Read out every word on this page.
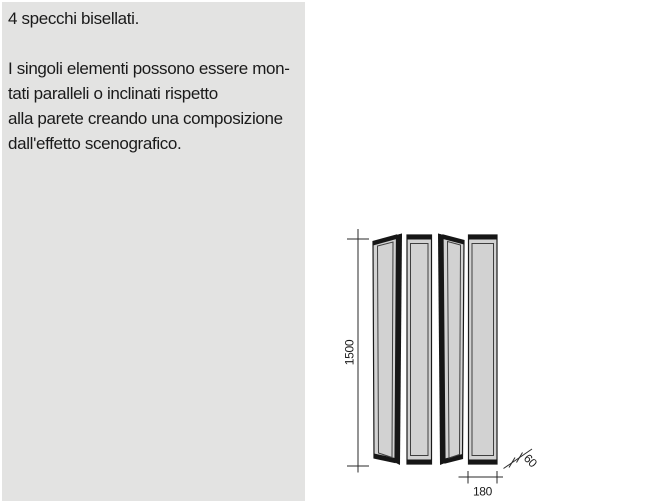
4 specchi bisellati.

I singoli elementi possono essere mon-
tati paralleli o inclinati rispetto
alla parete creando una composizione
dall'effetto scenografico.
1500
180
60
